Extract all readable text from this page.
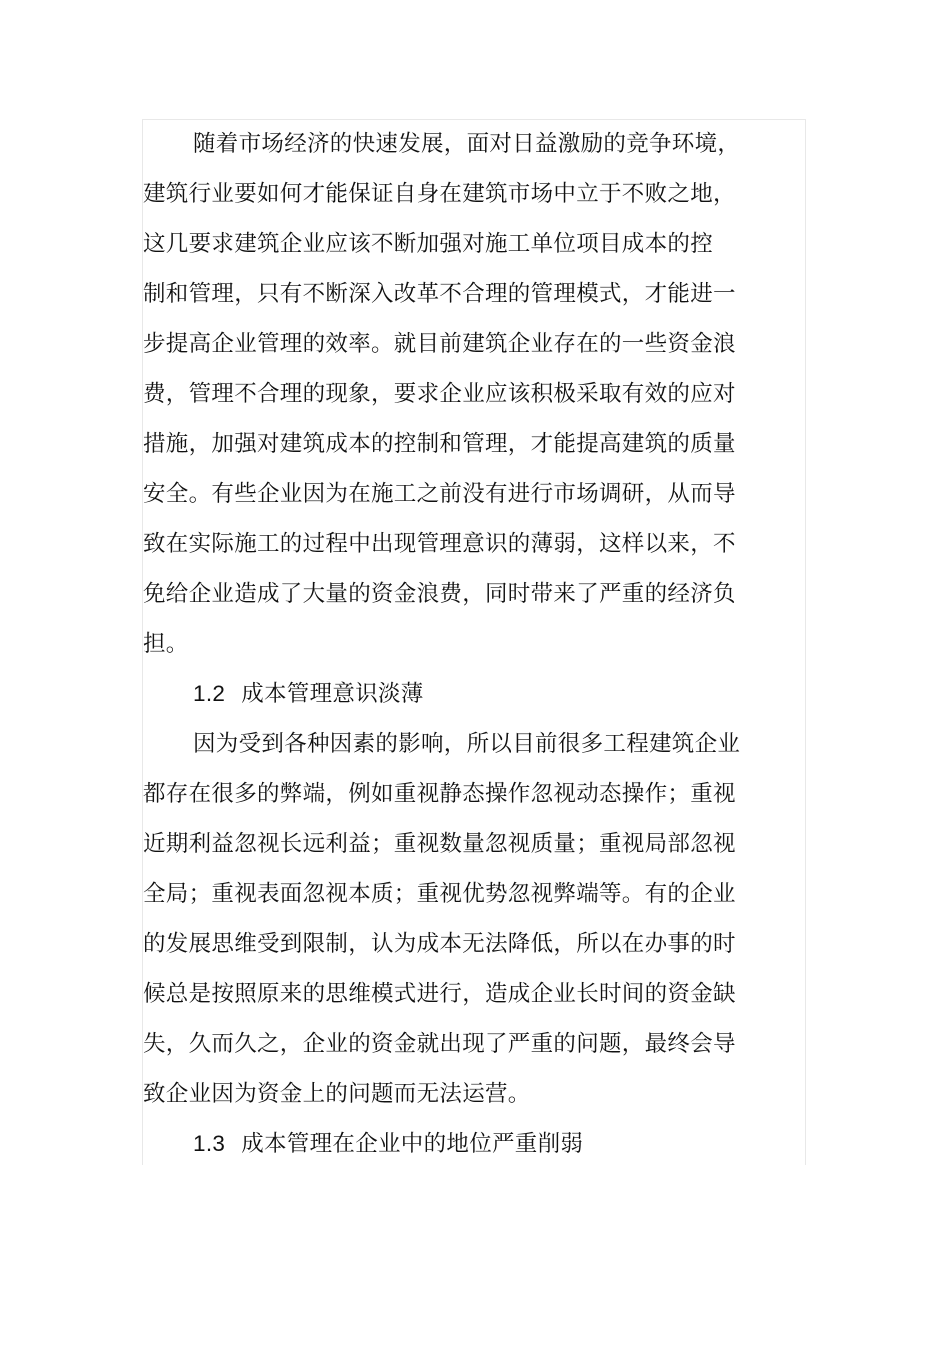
随着市场经济的快速发展，面对日益激励的竞争环境，
建筑行业要如何才能保证自身在建筑市场中立于不败之地，
这几要求建筑企业应该不断加强对施工单位项目成本的控
制和管理，只有不断深入改革不合理的管理模式，才能进一
步提高企业管理的效率。就目前建筑企业存在的一些资金浪
费，管理不合理的现象，要求企业应该积极采取有效的应对
措施，加强对建筑成本的控制和管理，才能提高建筑的质量
安全。有些企业因为在施工之前没有进行市场调研，从而导
致在实际施工的过程中出现管理意识的薄弱，这样以来，不
免给企业造成了大量的资金浪费，同时带来了严重的经济负
担。
1.2 成本管理意识淡薄
因为受到各种因素的影响，所以目前很多工程建筑企业
都存在很多的弊端，例如重视静态操作忽视动态操作；重视
近期利益忽视长远利益；重视数量忽视质量；重视局部忽视
全局；重视表面忽视本质；重视优势忽视弊端等。有的企业
的发展思维受到限制，认为成本无法降低，所以在办事的时
候总是按照原来的思维模式进行，造成企业长时间的资金缺
失，久而久之，企业的资金就出现了严重的问题，最终会导
致企业因为资金上的问题而无法运营。
1.3 成本管理在企业中的地位严重削弱
